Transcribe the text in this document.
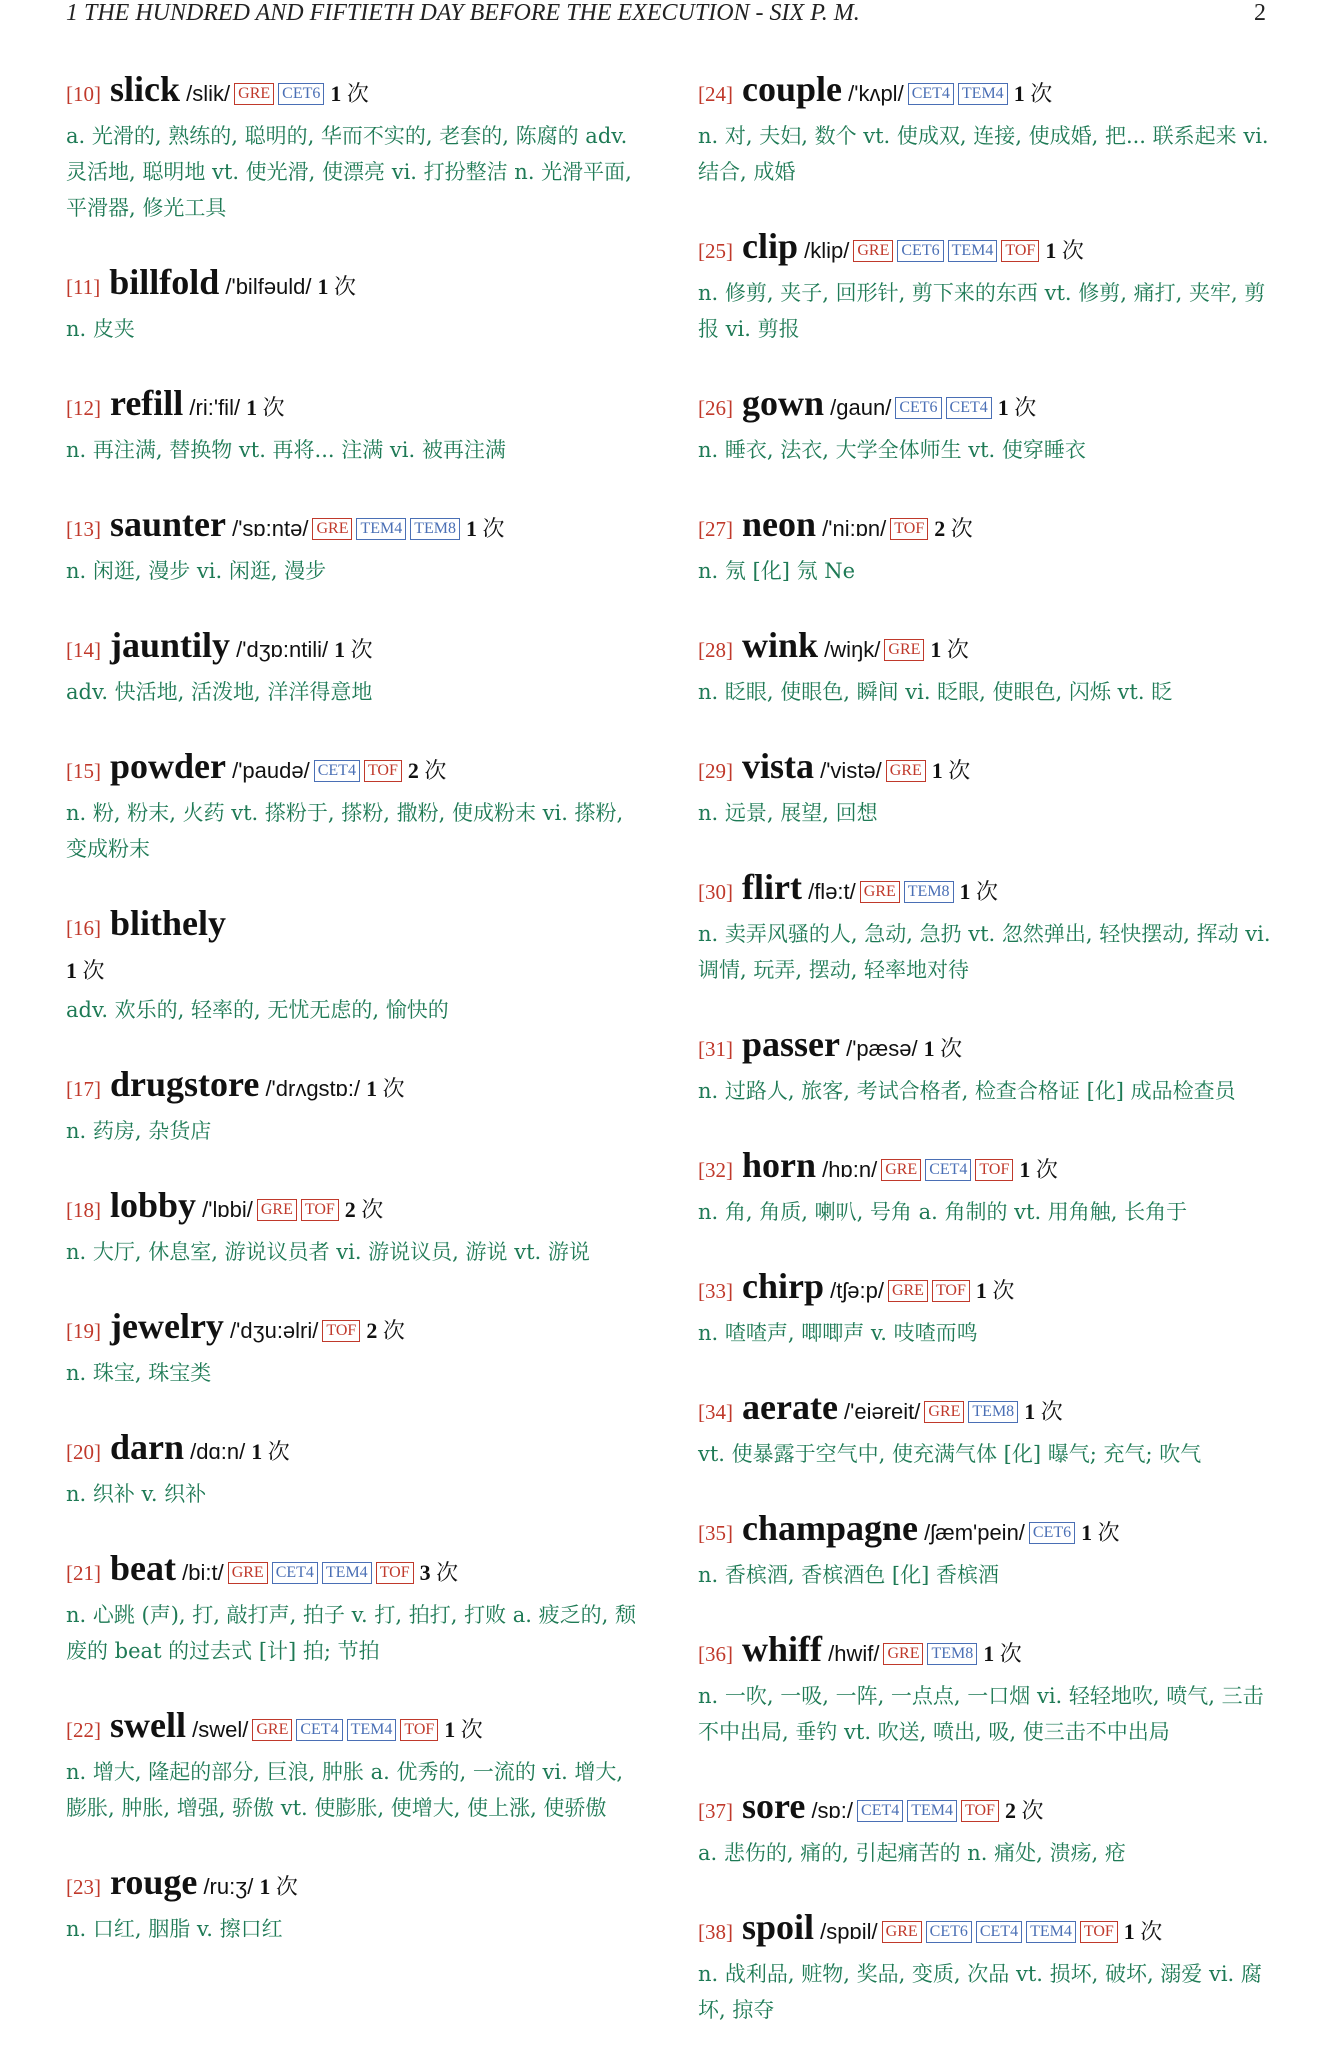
1 THE HUNDRED AND FIFTIETH DAY BEFORE THE EXECUTION - SIX P. M.	2
[10] slick /slik/ GRE CET6 1 次
a. 光滑的, 熟练的, 聪明的, 华而不实的, 老套的, 陈腐的 adv. 灵活地, 聪明地 vt. 使光滑, 使漂亮 vi. 打扮整洁 n. 光滑平面, 平滑器, 修光工具
[11] billfold /'bilfəuld/ 1 次
n. 皮夹
[12] refill /ri:'fil/ 1 次
n. 再注满, 替换物 vt. 再将... 注满 vi. 被再注满
[13] saunter /'sɒ:ntə/ GRE TEM4 TEM8 1 次
n. 闲逛, 漫步 vi. 闲逛, 漫步
[14] jauntily /'dʒɒ:ntili/ 1 次
adv. 快活地, 活泼地, 洋洋得意地
[15] powder /'paudə/ CET4 TOF 2 次
n. 粉, 粉末, 火药 vt. 搽粉于, 搽粉, 撒粉, 使成粉末 vi. 搽粉, 变成粉末
[16] blithely
1 次
adv. 欢乐的, 轻率的, 无忧无虑的, 愉快的
[17] drugstore /'drʌgstɒ:/ 1 次
n. 药房, 杂货店
[18] lobby /'lɒbi/ GRE TOF 2 次
n. 大厅, 休息室, 游说议员者 vi. 游说议员, 游说 vt. 游说
[19] jewelry /'dʒu:əlri/ TOF 2 次
n. 珠宝, 珠宝类
[20] darn /dɑ:n/ 1 次
n. 织补 v. 织补
[21] beat /bi:t/ GRE CET4 TEM4 TOF 3 次
n. 心跳 (声), 打, 敲打声, 拍子 v. 打, 拍打, 打败 a. 疲乏的, 颓废的 beat 的过去式 [计] 拍; 节拍
[22] swell /swel/ GRE CET4 TEM4 TOF 1 次
n. 增大, 隆起的部分, 巨浪, 肿胀 a. 优秀的, 一流的 vi. 增大, 膨胀, 肿胀, 增强, 骄傲 vt. 使膨胀, 使增大, 使上涨, 使骄傲
[23] rouge /ru:ʒ/ 1 次
n. 口红, 胭脂 v. 擦口红
[24] couple /'kʌpl/ CET4 TEM4 1 次
n. 对, 夫妇, 数个 vt. 使成双, 连接, 使成婚, 把... 联系起来 vi. 结合, 成婚
[25] clip /klip/ GRE CET6 TEM4 TOF 1 次
n. 修剪, 夹子, 回形针, 剪下来的东西 vt. 修剪, 痛打, 夹牢, 剪报 vi. 剪报
[26] gown /gaun/ CET6 CET4 1 次
n. 睡衣, 法衣, 大学全体师生 vt. 使穿睡衣
[27] neon /'ni:ɒn/ TOF 2 次
n. 氖 [化] 氖 Ne
[28] wink /wiŋk/ GRE 1 次
n. 眨眼, 使眼色, 瞬间 vi. 眨眼, 使眼色, 闪烁 vt. 眨
[29] vista /'vistə/ GRE 1 次
n. 远景, 展望, 回想
[30] flirt /flə:t/ GRE TEM8 1 次
n. 卖弄风骚的人, 急动, 急扔 vt. 忽然弹出, 轻快摆动, 挥动 vi. 调情, 玩弄, 摆动, 轻率地对待
[31] passer /'pæsə/ 1 次
n. 过路人, 旅客, 考试合格者, 检查合格证 [化] 成品检查员
[32] horn /hɒ:n/ GRE CET4 TOF 1 次
n. 角, 角质, 喇叭, 号角 a. 角制的 vt. 用角触, 长角于
[33] chirp /tʃə:p/ GRE TOF 1 次
n. 喳喳声, 唧唧声 v. 吱喳而鸣
[34] aerate /'eiəreit/ GRE TEM8 1 次
vt. 使暴露于空气中, 使充满气体 [化] 曝气; 充气; 吹气
[35] champagne /ʃæm'pein/ CET6 1 次
n. 香槟酒, 香槟酒色 [化] 香槟酒
[36] whiff /hwif/ GRE TEM8 1 次
n. 一吹, 一吸, 一阵, 一点点, 一口烟 vi. 轻轻地吹, 喷气, 三击不中出局, 垂钓 vt. 吹送, 喷出, 吸, 使三击不中出局
[37] sore /sɒ:/ CET4 TEM4 TOF 2 次
a. 悲伤的, 痛的, 引起痛苦的 n. 痛处, 溃疡, 疮
[38] spoil /spɒil/ GRE CET6 CET4 TEM4 TOF 1 次
n. 战利品, 赃物, 奖品, 变质, 次品 vt. 损坏, 破坏, 溺爱 vi. 腐坏, 掠夺
